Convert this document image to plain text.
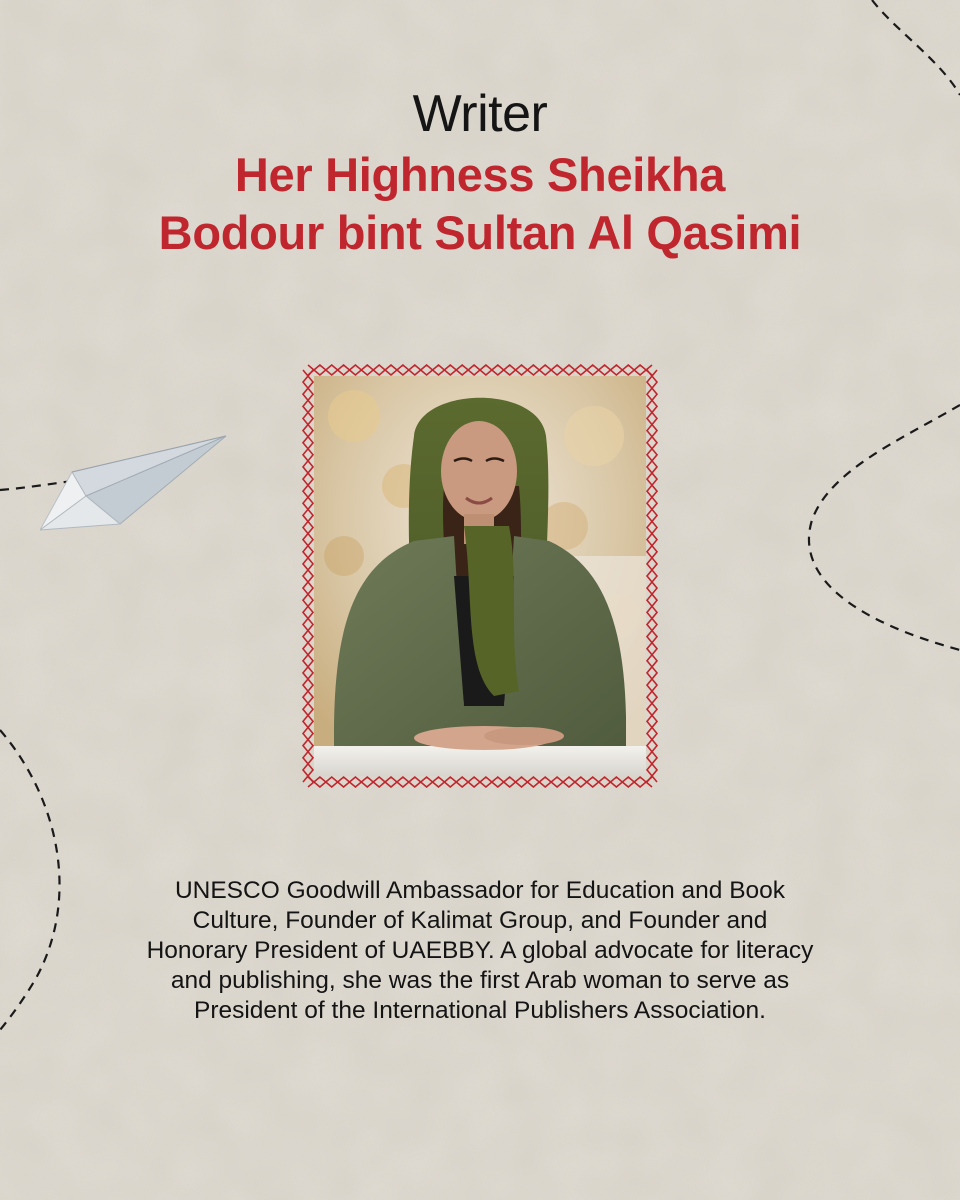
Writer
Her Highness Sheikha
Bodour bint Sultan Al Qasimi
UNESCO Goodwill Ambassador for Education and Book
Culture, Founder of Kalimat Group, and Founder and
Honorary President of UAEBBY. A global advocate for literacy
and publishing, she was the first Arab woman to serve as
President of the International Publishers Association.
